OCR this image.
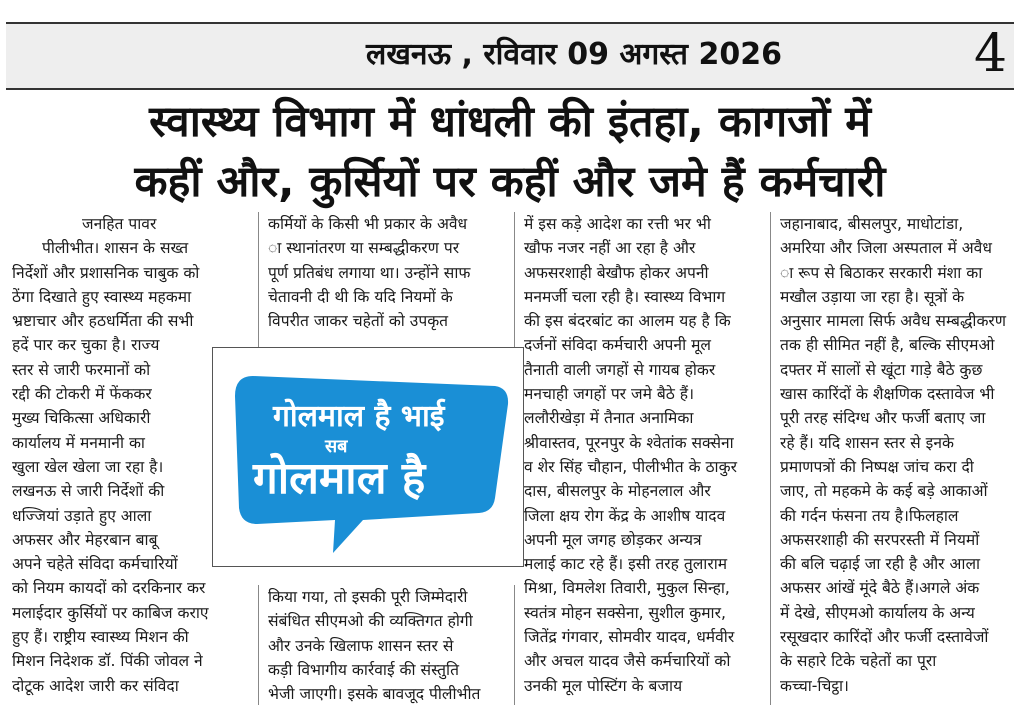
लखनऊ , रविवार 09 अगस्त 2026	4
स्वास्थ्य विभाग में धांधली की इंतहा, कागजों में
कहीं और, कुर्सियों पर कहीं और जमे हैं कर्मचारी
जनहित पावर
पीलीभीत। शासन के सख्त
निर्देशों और प्रशासनिक चाबुक को
ठेंगा दिखाते हुए स्वास्थ्य महकमा
भ्रष्टाचार और हठधर्मिता की सभी
हदें पार कर चुका है। राज्य
स्तर से जारी फरमानों को
रद्दी की टोकरी में फेंककर
मुख्य चिकित्सा अधिकारी
कार्यालय में मनमानी का
खुला खेल खेला जा रहा है।
लखनऊ से जारी निर्देशों की
धज्जियां उड़ाते हुए आला
अफसर और मेहरबान बाबू
अपने चहेते संविदा कर्मचारियों
को नियम कायदों को दरकिनार कर
मलाईदार कुर्सियों पर काबिज कराए
हुए हैं। राष्ट्रीय स्वास्थ्य मिशन की
मिशन निदेशक डॉ. पिंकी जोवल ने
दोटूक आदेश जारी कर संविदा
कर्मियों के किसी भी प्रकार के अवैध
ा स्थानांतरण या सम्बद्धीकरण पर
पूर्ण प्रतिबंध लगाया था। उन्होंने साफ
चेतावनी दी थी कि यदि नियमों के
विपरीत जाकर चहेतों को उपकृत
किया गया, तो इसकी पूरी जिम्मेदारी
संबंधित सीएमओ की व्यक्तिगत होगी
और उनके खिलाफ शासन स्तर से
कड़ी विभागीय कार्रवाई की संस्तुति
भेजी जाएगी। इसके बावजूद पीलीभीत
गोलमाल है भाई
सब
गोलमाल है
में इस कड़े आदेश का रत्ती भर भी
खौफ नजर नहीं आ रहा है और
अफसरशाही बेखौफ होकर अपनी
मनमर्जी चला रही है। स्वास्थ्य विभाग
की इस बंदरबांट का आलम यह है कि
दर्जनों संविदा कर्मचारी अपनी मूल
तैनाती वाली जगहों से गायब होकर
मनचाही जगहों पर जमे बैठे हैं।
ललौरीखेड़ा में तैनात अनामिका
श्रीवास्तव, पूरनपुर के श्वेतांक सक्सेना
व शेर सिंह चौहान, पीलीभीत के ठाकुर
दास, बीसलपुर के मोहनलाल और
जिला क्षय रोग केंद्र के आशीष यादव
अपनी मूल जगह छोड़कर अन्यत्र
मलाई काट रहे हैं। इसी तरह तुलाराम
मिश्रा, विमलेश तिवारी, मुकुल सिन्हा,
स्वतंत्र मोहन सक्सेना, सुशील कुमार,
जितेंद्र गंगवार, सोमवीर यादव, धर्मवीर
और अचल यादव जैसे कर्मचारियों को
उनकी मूल पोस्टिंग के बजाय
जहानाबाद, बीसलपुर, माधोटांडा,
अमरिया और जिला अस्पताल में अवैध
ा रूप से बिठाकर सरकारी मंशा का
मखौल उड़ाया जा रहा है। सूत्रों के
अनुसार मामला सिर्फ अवैध सम्बद्धीकरण
तक ही सीमित नहीं है, बल्कि सीएमओ
दफ्तर में सालों से खूंटा गाड़े बैठे कुछ
खास कारिंदों के शैक्षणिक दस्तावेज भी
पूरी तरह संदिग्ध और फर्जी बताए जा
रहे हैं। यदि शासन स्तर से इनके
प्रमाणपत्रों की निष्पक्ष जांच करा दी
जाए, तो महकमे के कई बड़े आकाओं
की गर्दन फंसना तय है।फिलहाल
अफसरशाही की सरपरस्ती में नियमों
की बलि चढ़ाई जा रही है और आला
अफसर आंखें मूंदे बैठे हैं।अगले अंक
में देखे, सीएमओ कार्यालय के अन्य
रसूखदार कारिंदों और फर्जी दस्तावेजों
के सहारे टिके चहेतों का पूरा
कच्चा-चिट्ठा।
